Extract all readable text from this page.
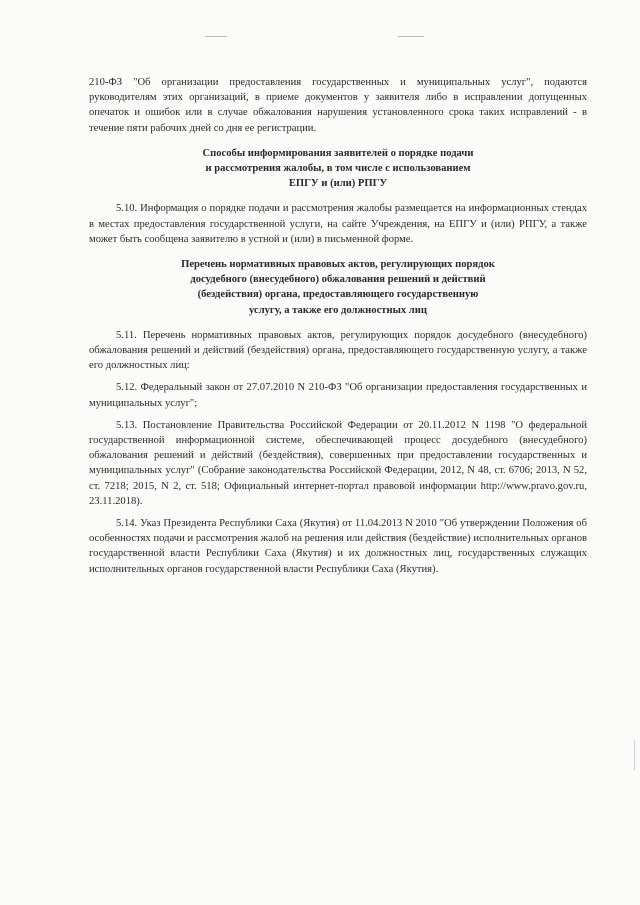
210-ФЗ "Об организации предоставления государственных и муниципальных услуг", подаются руководителям этих организаций, в приеме документов у заявителя либо в исправлении допущенных опечаток и ошибок или в случае обжалования нарушения установленного срока таких исправлений - в течение пяти рабочих дней со дня ее регистрации.

Способы информирования заявителей о порядке подачи
и рассмотрения жалобы, в том числе с использованием
ЕПГУ и (или) РПГУ

5.10. Информация о порядке подачи и рассмотрения жалобы размещается на информационных стендах в местах предоставления государственной услуги, на сайте Учреждения, на ЕПГУ и (или) РПГУ, а также может быть сообщена заявителю в устной и (или) в письменной форме.

Перечень нормативных правовых актов, регулирующих порядок
досудебного (внесудебного) обжалования решений и действий
(бездействия) органа, предоставляющего государственную
услугу, а также его должностных лиц

5.11. Перечень нормативных правовых актов, регулирующих порядок досудебного (внесудебного) обжалования решений и действий (бездействия) органа, предоставляющего государственную услугу, а также его должностных лиц:

5.12. Федеральный закон от 27.07.2010 N 210-ФЗ "Об организации предоставления государственных и муниципальных услуг";

5.13. Постановление Правительства Российской Федерации от 20.11.2012 N 1198 "О федеральной государственной информационной системе, обеспечивающей процесс досудебного (внесудебного) обжалования решений и действий (бездействия), совершенных при предоставлении государственных и муниципальных услуг" (Собрание законодательства Российской Федерации, 2012, N 48, ст. 6706; 2013, N 52, ст. 7218; 2015, N 2, ст. 518; Официальный интернет-портал правовой информации http://www.pravo.gov.ru, 23.11.2018).

5.14. Указ Президента Республики Саха (Якутия) от 11.04.2013 N 2010 "Об утверждении Положения об особенностях подачи и рассмотрения жалоб на решения или действия (бездействие) исполнительных органов государственной власти Республики Саха (Якутия) и их должностных лиц, государственных служащих исполнительных органов государственной власти Республики Саха (Якутия).
